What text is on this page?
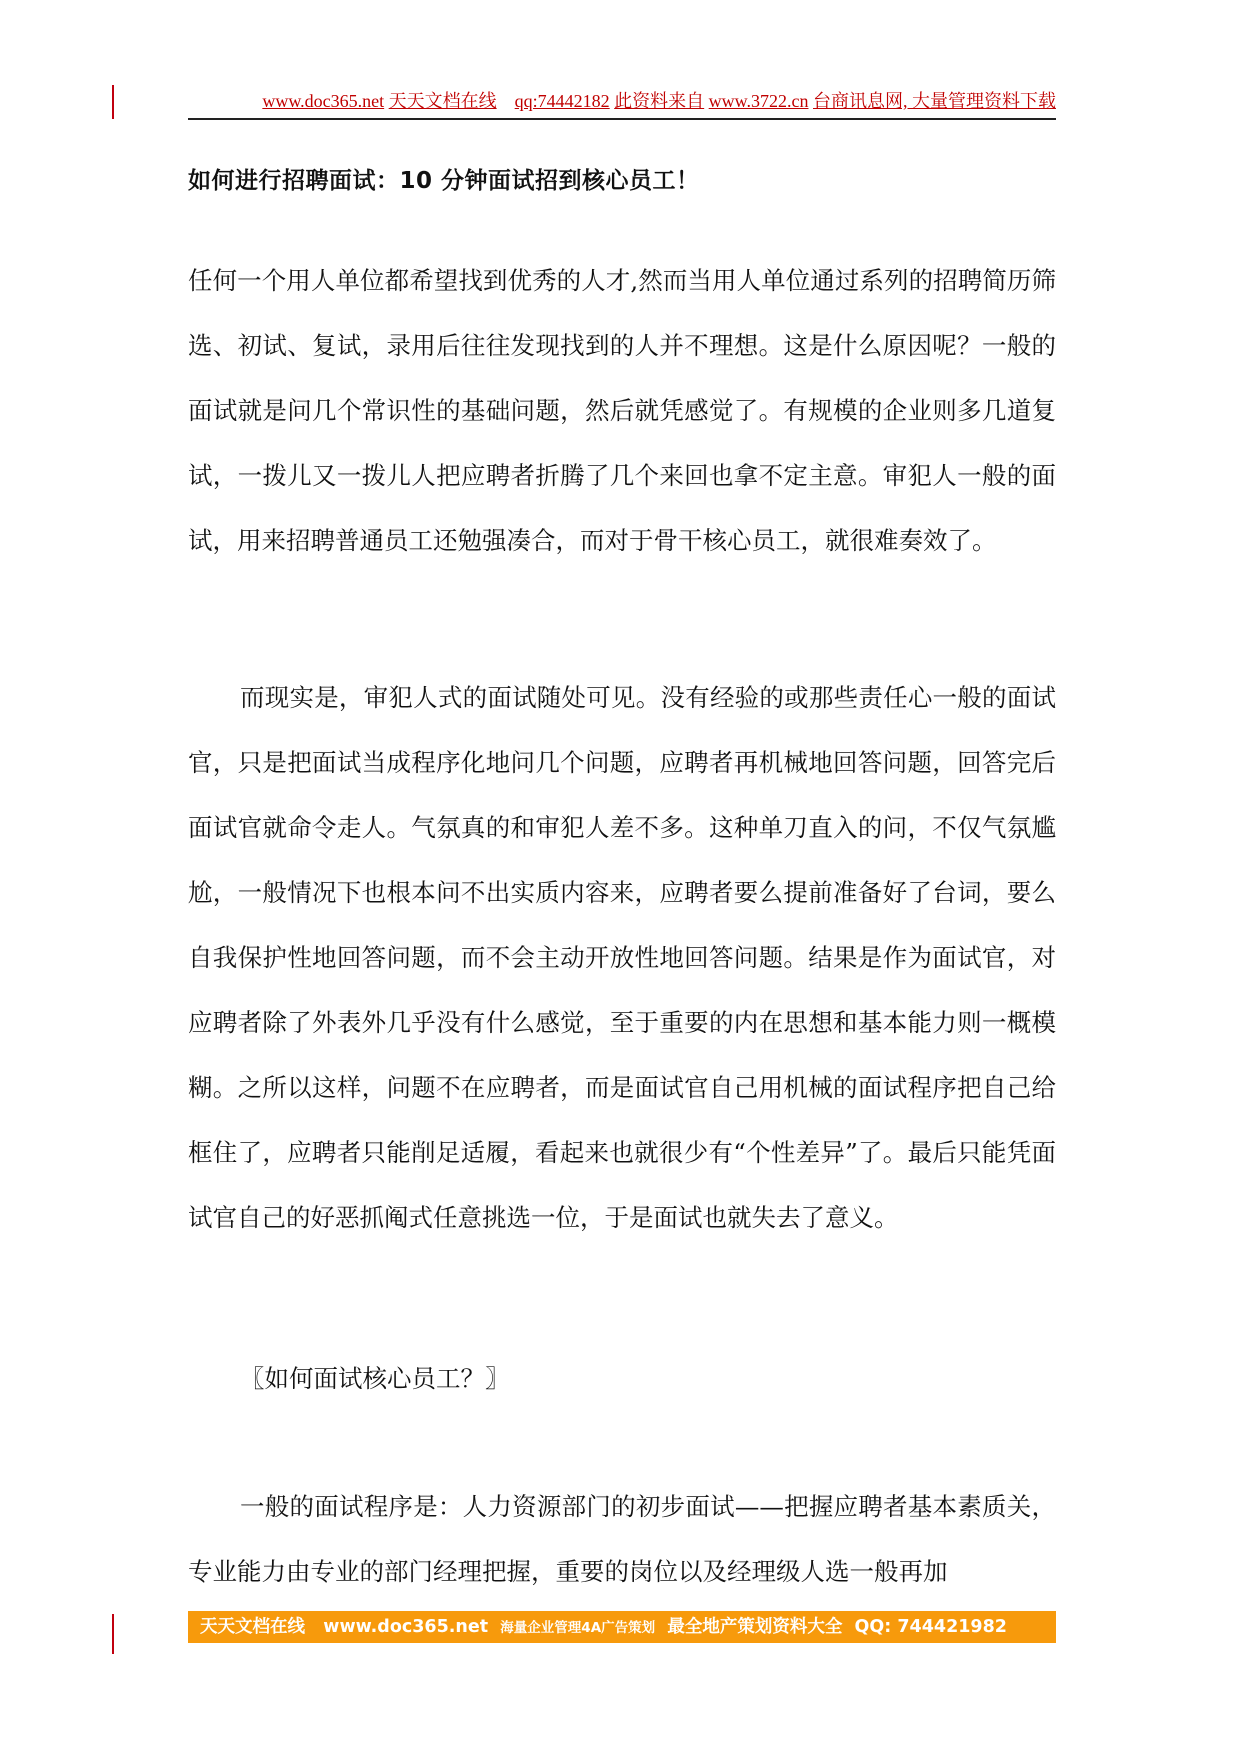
www.doc365.net 天天文档在线 qq:74442182 此资料来自 www.3722.cn 台商讯息网, 大量管理资料下载
如何进行招聘面试：10 分钟面试招到核心员工！

任何一个用人单位都希望找到优秀的人才,然而当用人单位通过系列的招聘简历筛选、初试、复试，录用后往往发现找到的人并不理想。这是什么原因呢？一般的面试就是问几个常识性的基础问题，然后就凭感觉了。有规模的企业则多几道复试，一拨儿又一拨儿人把应聘者折腾了几个来回也拿不定主意。审犯人一般的面试，用来招聘普通员工还勉强凑合，而对于骨干核心员工，就很难奏效了。

而现实是，审犯人式的面试随处可见。没有经验的或那些责任心一般的面试官，只是把面试当成程序化地问几个问题，应聘者再机械地回答问题，回答完后面试官就命令走人。气氛真的和审犯人差不多。这种单刀直入的问，不仅气氛尴尬，一般情况下也根本问不出实质内容来，应聘者要么提前准备好了台词，要么自我保护性地回答问题，而不会主动开放性地回答问题。结果是作为面试官，对应聘者除了外表外几乎没有什么感觉，至于重要的内在思想和基本能力则一概模糊。之所以这样，问题不在应聘者，而是面试官自己用机械的面试程序把自己给框住了，应聘者只能削足适履，看起来也就很少有“个性差异”了。最后只能凭面试官自己的好恶抓阄式任意挑选一位，于是面试也就失去了意义。

〖如何面试核心员工？〗

一般的面试程序是：人力资源部门的初步面试——把握应聘者基本素质关，专业能力由专业的部门经理把握，重要的岗位以及经理级人选一般再加

天天文档在线 www.doc365.net 海量企业管理4A广告策划 最全地产策划资料大全 QQ: 744421982
